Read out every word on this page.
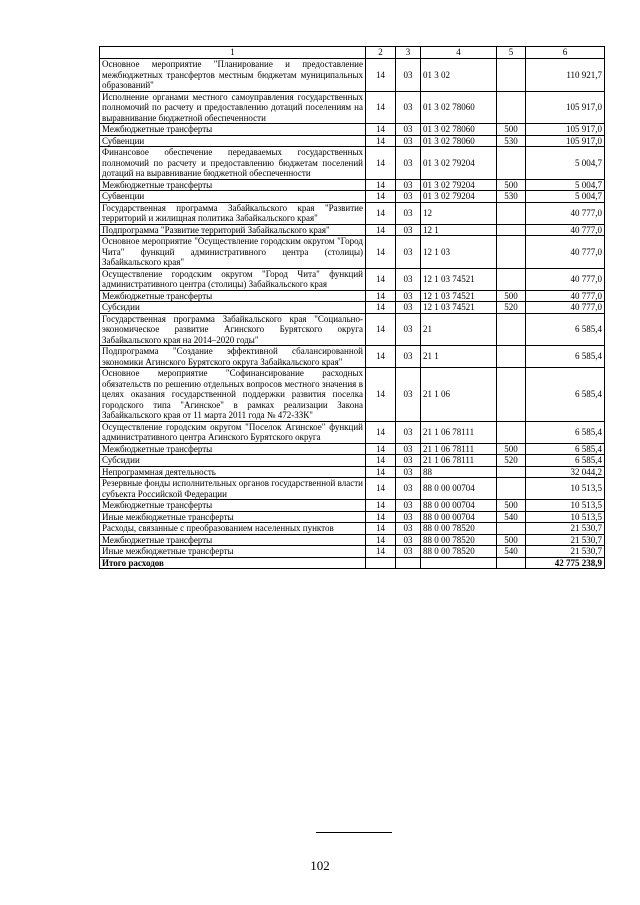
1	2	3	4	5	6
Основное мероприятие "Планирование и предоставление межбюджетных трансфертов местным бюджетам муниципальных образований"	14	03	01 3 02		110 921,7
Исполнение органами местного самоуправления государственных полномочий по расчету и предоставлению дотаций поселениям на выравнивание бюджетной обеспеченности	14	03	01 3 02 78060		105 917,0
Межбюджетные трансферты	14	03	01 3 02 78060	500	105 917,0
Субвенции	14	03	01 3 02 78060	530	105 917,0
Финансовое обеспечение передаваемых государственных полномочий по расчету и предоставлению бюджетам поселений дотаций на выравнивание бюджетной обеспеченности	14	03	01 3 02 79204		5 004,7
Межбюджетные трансферты	14	03	01 3 02 79204	500	5 004,7
Субвенции	14	03	01 3 02 79204	530	5 004,7
Государственная программа Забайкальского края "Развитие территорий и жилищная политика Забайкальского края"	14	03	12		40 777,0
Подпрограмма "Развитие территорий Забайкальского края"	14	03	12 1		40 777,0
Основное мероприятие "Осуществление городским округом "Город Чита" функций административного центра (столицы) Забайкальского края"	14	03	12 1 03		40 777,0
Осуществление городским округом "Город Чита" функций административного центра (столицы) Забайкальского края	14	03	12 1 03 74521		40 777,0
Межбюджетные трансферты	14	03	12 1 03 74521	500	40 777,0
Субсидии	14	03	12 1 03 74521	520	40 777,0
Государственная программа Забайкальского края "Социально-экономическое развитие Агинского Бурятского округа Забайкальского края на 2014–2020 годы"	14	03	21		6 585,4
Подпрограмма "Создание эффективной сбалансированной экономики Агинского Бурятского округа Забайкальского края"	14	03	21 1		6 585,4
Основное мероприятие "Софинансирование расходных обязательств по решению отдельных вопросов местного значения в целях оказания государственной поддержки развития поселка городского типа "Агинское" в рамках реализации Закона Забайкальского края от 11 марта 2011 года № 472-ЗЗК"	14	03	21 1 06		6 585,4
Осуществление городским округом "Поселок Агинское" функций административного центра Агинского Бурятского округа	14	03	21 1 06 78111		6 585,4
Межбюджетные трансферты	14	03	21 1 06 78111	500	6 585,4
Субсидии	14	03	21 1 06 78111	520	6 585,4
Непрограммная деятельность	14	03	88		32 044,2
Резервные фонды исполнительных органов государственной власти субъекта Российской Федерации	14	03	88 0 00 00704		10 513,5
Межбюджетные трансферты	14	03	88 0 00 00704	500	10 513,5
Иные межбюджетные трансферты	14	03	88 0 00 00704	540	10 513,5
Расходы, связанные с преобразованием населенных пунктов	14	03	88 0 00 78520		21 530,7
Межбюджетные трансферты	14	03	88 0 00 78520	500	21 530,7
Иные межбюджетные трансферты	14	03	88 0 00 78520	540	21 530,7
Итого расходов					42 775 238,9
102
